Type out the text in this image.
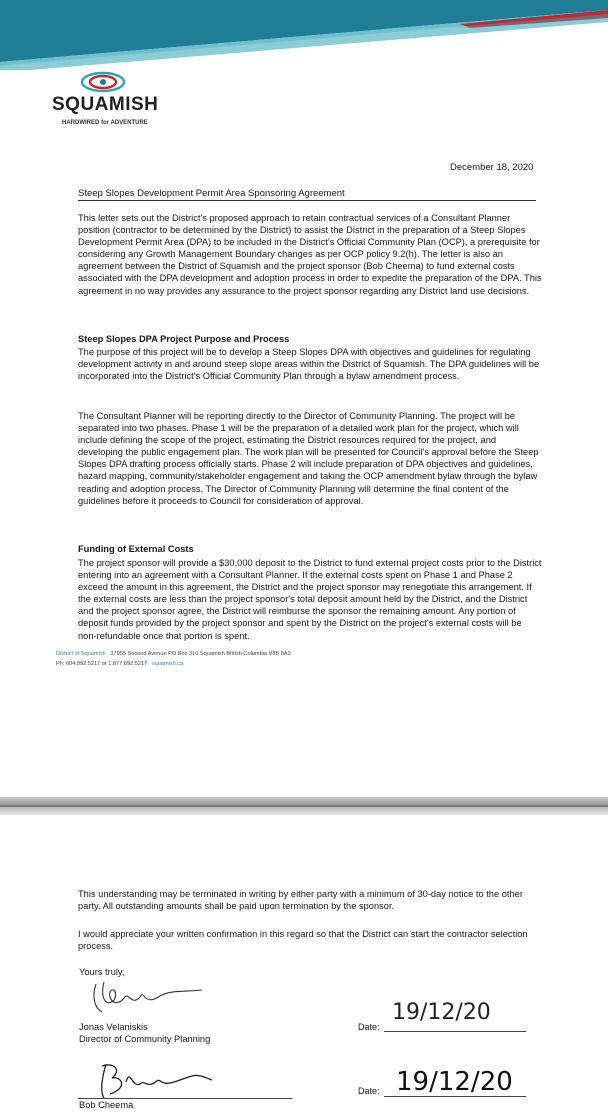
SQUAMISH
HARDWIRED for ADVENTURE
December 18, 2020
Steep Slopes Development Permit Area Sponsoring Agreement

This letter sets out the District's proposed approach to retain contractual services of a Consultant Planner position (contractor to be determined by the District) to assist the District in the preparation of a Steep Slopes Development Permit Area (DPA) to be included in the District's Official Community Plan (OCP), a prerequisite for considering any Growth Management Boundary changes as per OCP policy 9.2(h). The letter is also an agreement between the District of Squamish and the project sponsor (Bob Cheema) to fund external costs associated with the DPA development and adoption process in order to expedite the preparation of the DPA. This agreement in no way provides any assurance to the project sponsor regarding any District land use decisions.

Steep Slopes DPA Project Purpose and Process

The purpose of this project will be to develop a Steep Slopes DPA with objectives and guidelines for regulating development activity in and around steep slope areas within the District of Squamish. The DPA guidelines will be incorporated into the District's Official Community Plan through a bylaw amendment process.

The Consultant Planner will be reporting directly to the Director of Community Planning. The project will be separated into two phases. Phase 1 will be the preparation of a detailed work plan for the project, which will include defining the scope of the project, estimating the District resources required for the project, and developing the public engagement plan. The work plan will be presented for Council's approval before the Steep Slopes DPA drafting process officially starts. Phase 2 will include preparation of DPA objectives and guidelines, hazard mapping, community/stakeholder engagement and taking the OCP amendment bylaw through the bylaw reading and adoption process. The Director of Community Planning will determine the final content of the guidelines before it proceeds to Council for consideration of approval.

Funding of External Costs

The project sponsor will provide a $30,000 deposit to the District to fund external project costs prior to the District entering into an agreement with a Consultant Planner. If the external costs spent on Phase 1 and Phase 2 exceed the amount in this agreement, the District and the project sponsor may renegotiate this arrangement. If the external costs are less than the project sponsor's total deposit amount held by the District, and the District and the project sponsor agree, the District will reimburse the sponsor the remaining amount. Any portion of deposit funds provided by the project sponsor and spent by the District on the project's external costs will be non-refundable once that portion is spent.

District of Squamish 37955 Second Avenue PO Box 310 Squamish British Columbia V8B 0A3
Ph: 604.892.5217 or 1.877.892.5217 squamish.ca

This understanding may be terminated in writing by either party with a minimum of 30-day notice to the other party. All outstanding amounts shall be paid upon termination by the sponsor.

I would appreciate your written confirmation in this regard so that the District can start the contractor selection process.

Yours truly,
Jonas Velaniskis
Director of Community Planning
Date:
19/12/20
Bob Cheema
Date: 19/12/20
